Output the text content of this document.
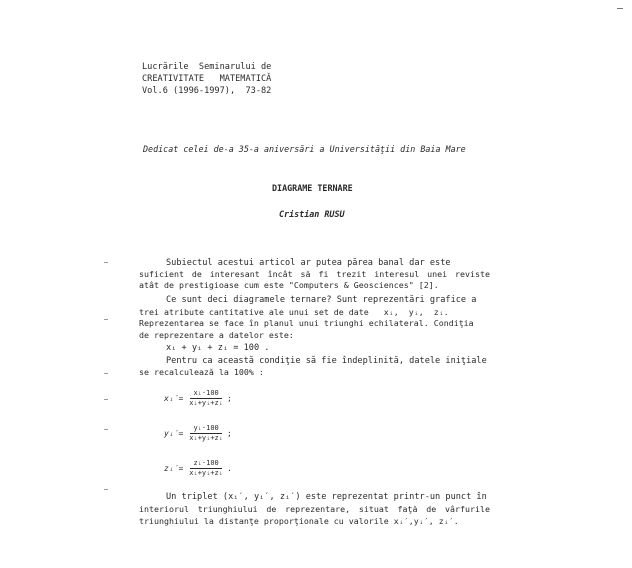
Lucrările  Seminarului de
CREATIVITATE   MATEMATICĂ
Vol.6 (1996-1997),  73-82
Dedicat celei de-a 35-a aniversări a Universităţii din Baia Mare
DIAGRAME TERNARE
Cristian RUSU
Subiectul acestui articol ar putea părea banal dar este
suficient de interesant încât să fi trezit interesul unei reviste
atât de prestigioase cum este "Computers & Geosciences" [2].
Ce sunt deci diagramele ternare? Sunt reprezentări grafice a
trei atribute cantitative ale unui set de date xᵢ,  yᵢ,  zᵢ.
Reprezentarea se face în planul unui triunghi echilateral. Condiţia
de reprezentare a datelor este:
xᵢ + yᵢ + zᵢ = 100 .
Pentru ca această condiţie să fie îndeplinită, datele iniţiale
se recalculează la 100% :
xᵢ′= $\frac{\text{xᵢ·100}}{\text{xᵢ+yᵢ+zᵢ}}$ ;
yᵢ′= $\frac{\text{yᵢ·100}}{\text{xᵢ+yᵢ+zᵢ}}$ ;
zᵢ′= $\frac{\text{zᵢ·100}}{\text{xᵢ+yᵢ+zᵢ}}$ .
Un triplet (xᵢ′, yᵢ′, zᵢ′) este reprezentat printr-un punct în
interiorul triunghiului de reprezentare, situat faţă de vârfurile
triunghiului la distanţe proporţionale cu valorile xᵢ′,yᵢ′, zᵢ′.
